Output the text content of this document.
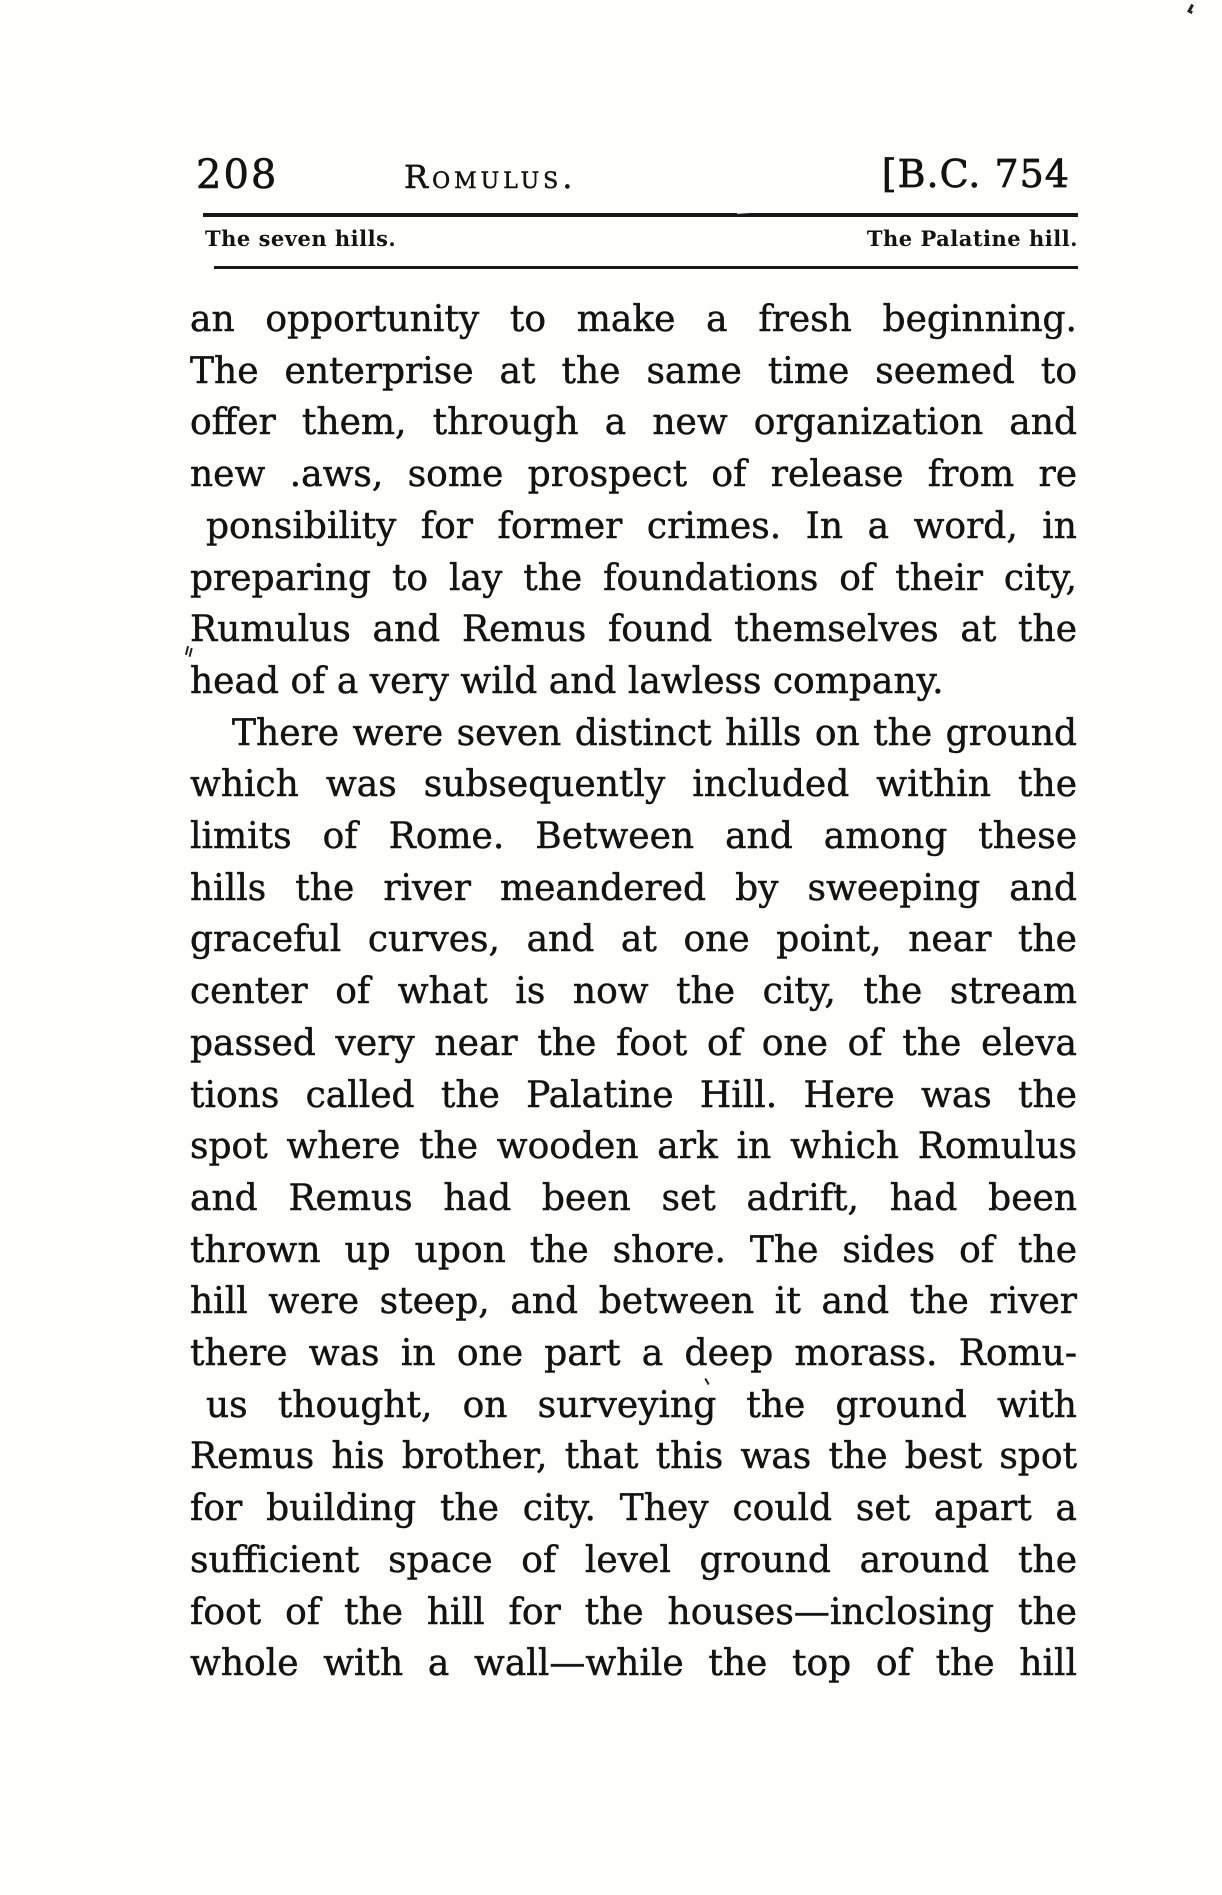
208	Romulus.	[B.C. 754
The seven hills.	The Palatine hill.
an opportunity to make a fresh beginning.
The enterprise at the same time seemed to
offer them, through a new organization and
new .aws, some prospect of release from re
ponsibility for former crimes. In a word, in
preparing to lay the foundations of their city,
Rumulus and Remus found themselves at the
head of a very wild and lawless company.
There were seven distinct hills on the ground
which was subsequently included within the
limits of Rome. Between and among these
hills the river meandered by sweeping and
graceful curves, and at one point, near the
center of what is now the city, the stream
passed very near the foot of one of the eleva
tions called the Palatine Hill. Here was the
spot where the wooden ark in which Romulus
and Remus had been set adrift, had been
thrown up upon the shore. The sides of the
hill were steep, and between it and the river
there was in one part a deep morass. Romu-
us thought, on surveying the ground with
Remus his brother, that this was the best spot
for building the city. They could set apart a
sufficient space of level ground around the
foot of the hill for the houses—inclosing the
whole with a wall—while the top of the hill
